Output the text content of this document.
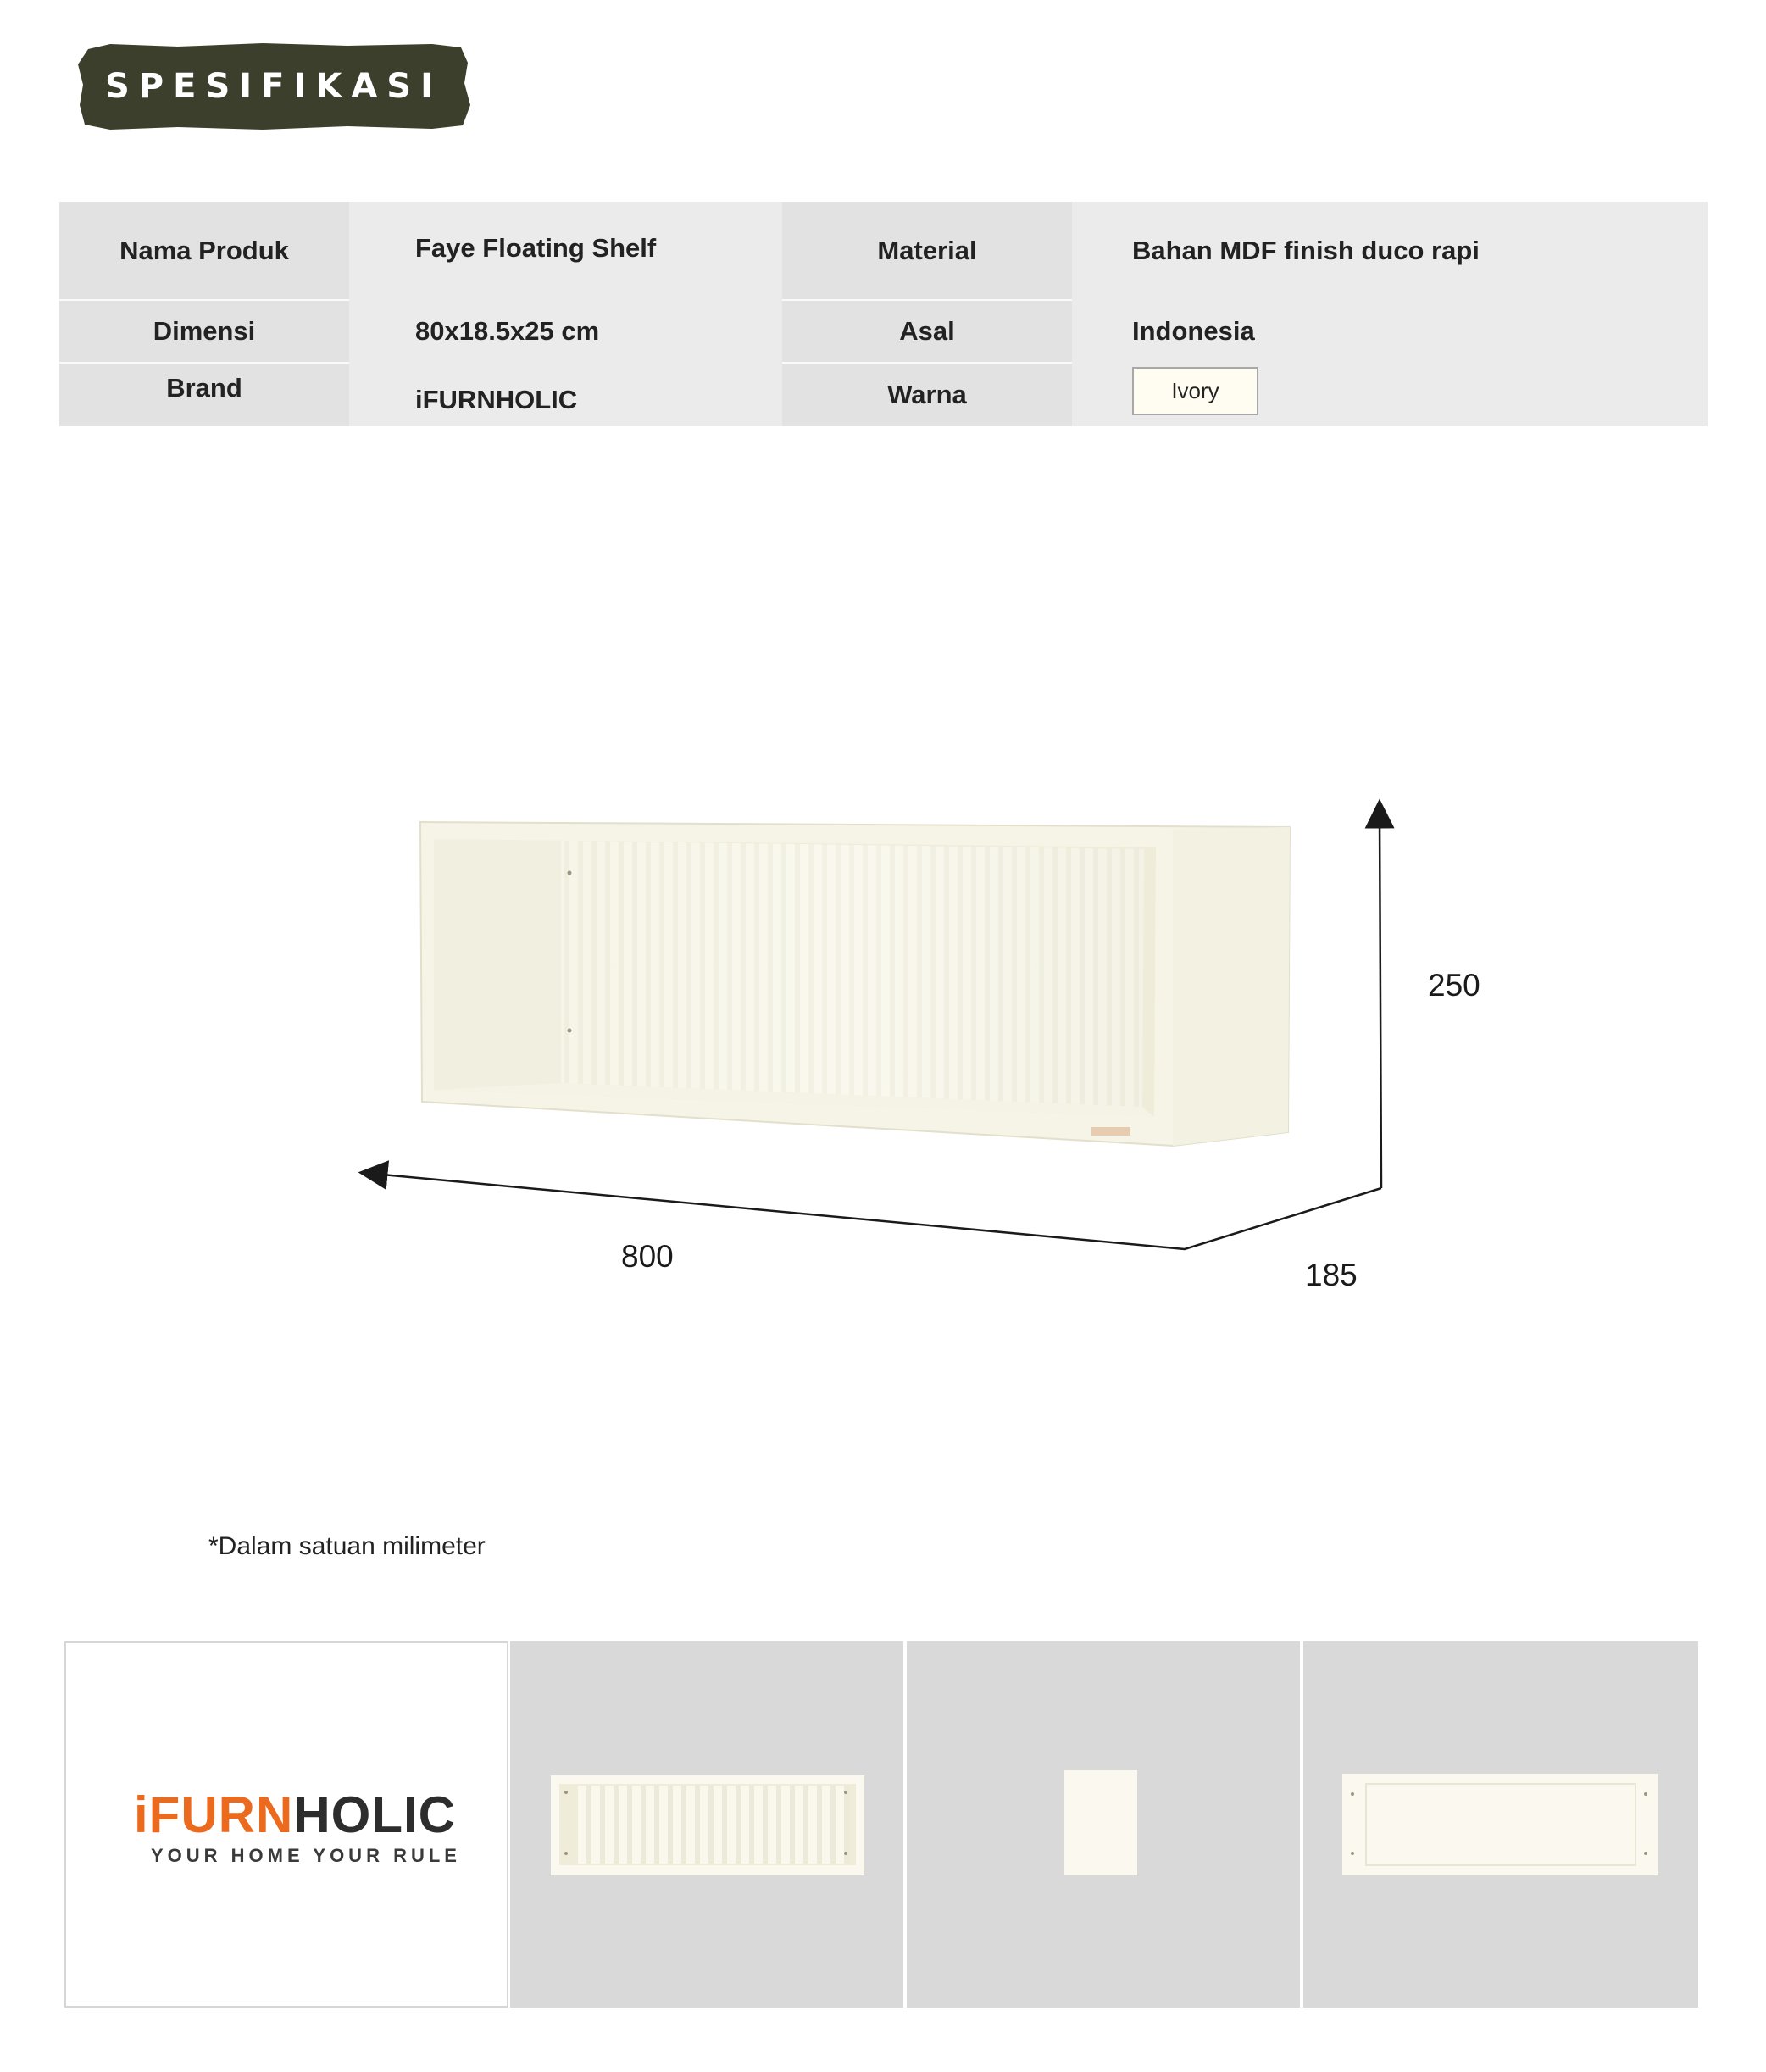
SPESIFIKASI
Nama Produk	Faye Floating Shelf	Material	Bahan MDF finish duco rapi
Dimensi	80x18.5x25 cm	Asal	Indonesia
Brand	iFURNHOLIC	Warna	Ivory
250
800
185
*Dalam satuan milimeter
iFURNHOLIC
YOUR HOME YOUR RULE
